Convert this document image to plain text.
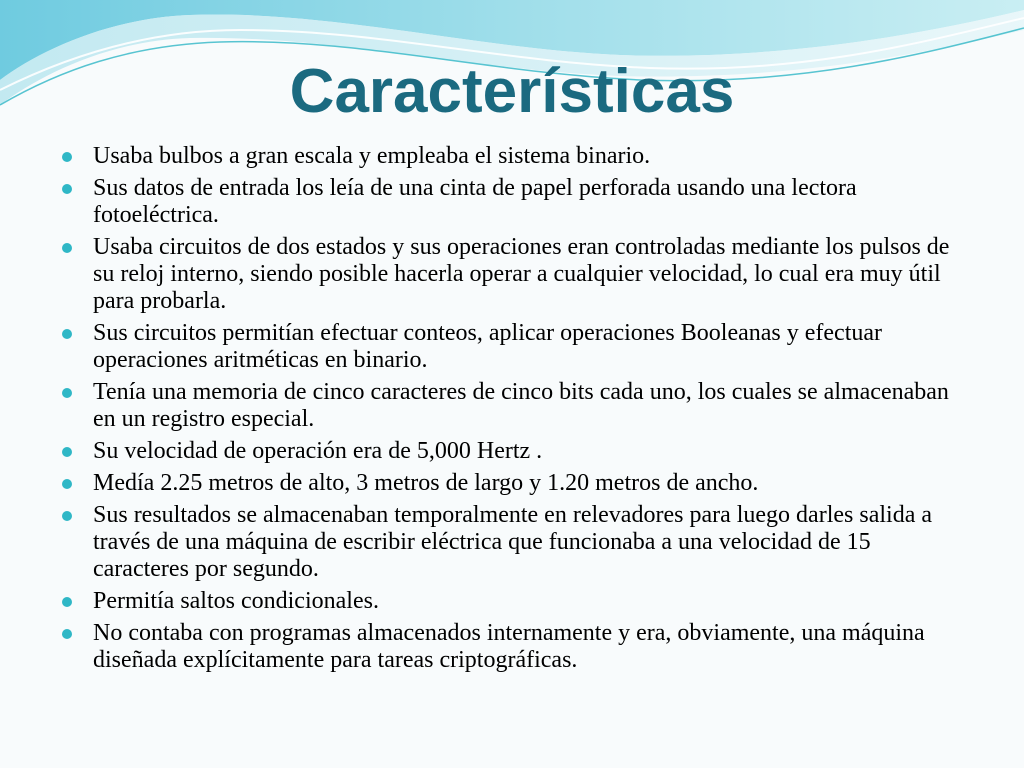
Características
Usaba bulbos a gran escala y empleaba el sistema binario.
Sus datos de entrada los leía de una cinta de papel perforada usando una lectora fotoeléctrica.
Usaba circuitos de dos estados y sus operaciones eran controladas mediante los pulsos de su reloj interno, siendo posible hacerla operar a cualquier velocidad, lo cual era muy útil para probarla.
Sus circuitos permitían efectuar conteos, aplicar operaciones Booleanas y efectuar operaciones aritméticas en binario.
Tenía una memoria de cinco caracteres de cinco bits cada uno, los cuales se almacenaban en un registro especial.
Su velocidad de operación era de 5,000 Hertz .
Medía 2.25 metros de alto, 3 metros de largo y 1.20 metros de ancho.
Sus resultados se almacenaban temporalmente en relevadores para luego darles salida a través de una máquina de escribir eléctrica que funcionaba a una velocidad de 15 caracteres por segundo.
Permitía saltos condicionales.
No contaba con programas almacenados internamente y era, obviamente, una máquina diseñada explícitamente para tareas criptográficas.
